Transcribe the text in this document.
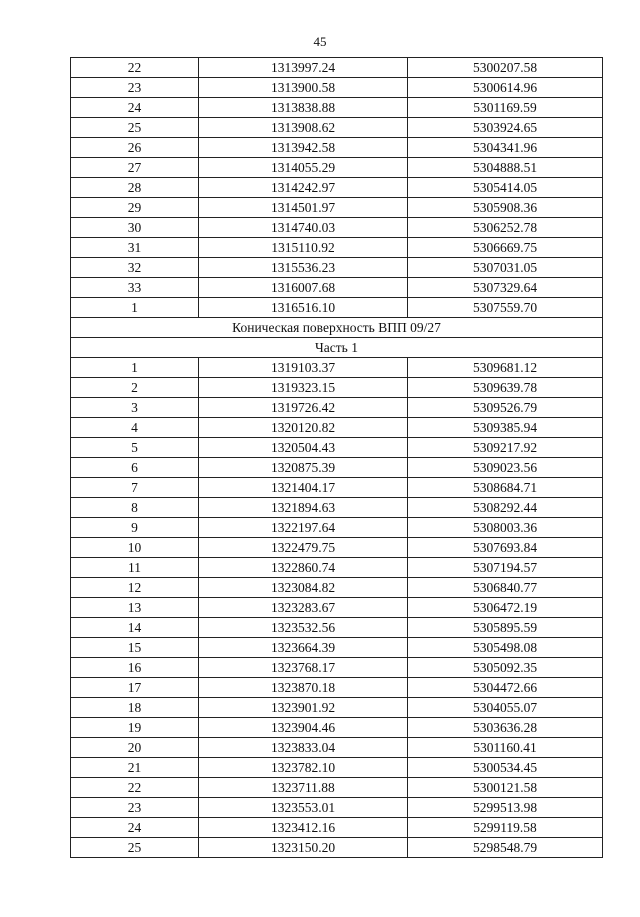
45
22	1313997.24	5300207.58
23	1313900.58	5300614.96
24	1313838.88	5301169.59
25	1313908.62	5303924.65
26	1313942.58	5304341.96
27	1314055.29	5304888.51
28	1314242.97	5305414.05
29	1314501.97	5305908.36
30	1314740.03	5306252.78
31	1315110.92	5306669.75
32	1315536.23	5307031.05
33	1316007.68	5307329.64
1	1316516.10	5307559.70
Коническая поверхность ВПП 09/27		
Часть 1		
1	1319103.37	5309681.12
2	1319323.15	5309639.78
3	1319726.42	5309526.79
4	1320120.82	5309385.94
5	1320504.43	5309217.92
6	1320875.39	5309023.56
7	1321404.17	5308684.71
8	1321894.63	5308292.44
9	1322197.64	5308003.36
10	1322479.75	5307693.84
11	1322860.74	5307194.57
12	1323084.82	5306840.77
13	1323283.67	5306472.19
14	1323532.56	5305895.59
15	1323664.39	5305498.08
16	1323768.17	5305092.35
17	1323870.18	5304472.66
18	1323901.92	5304055.07
19	1323904.46	5303636.28
20	1323833.04	5301160.41
21	1323782.10	5300534.45
22	1323711.88	5300121.58
23	1323553.01	5299513.98
24	1323412.16	5299119.58
25	1323150.20	5298548.79
